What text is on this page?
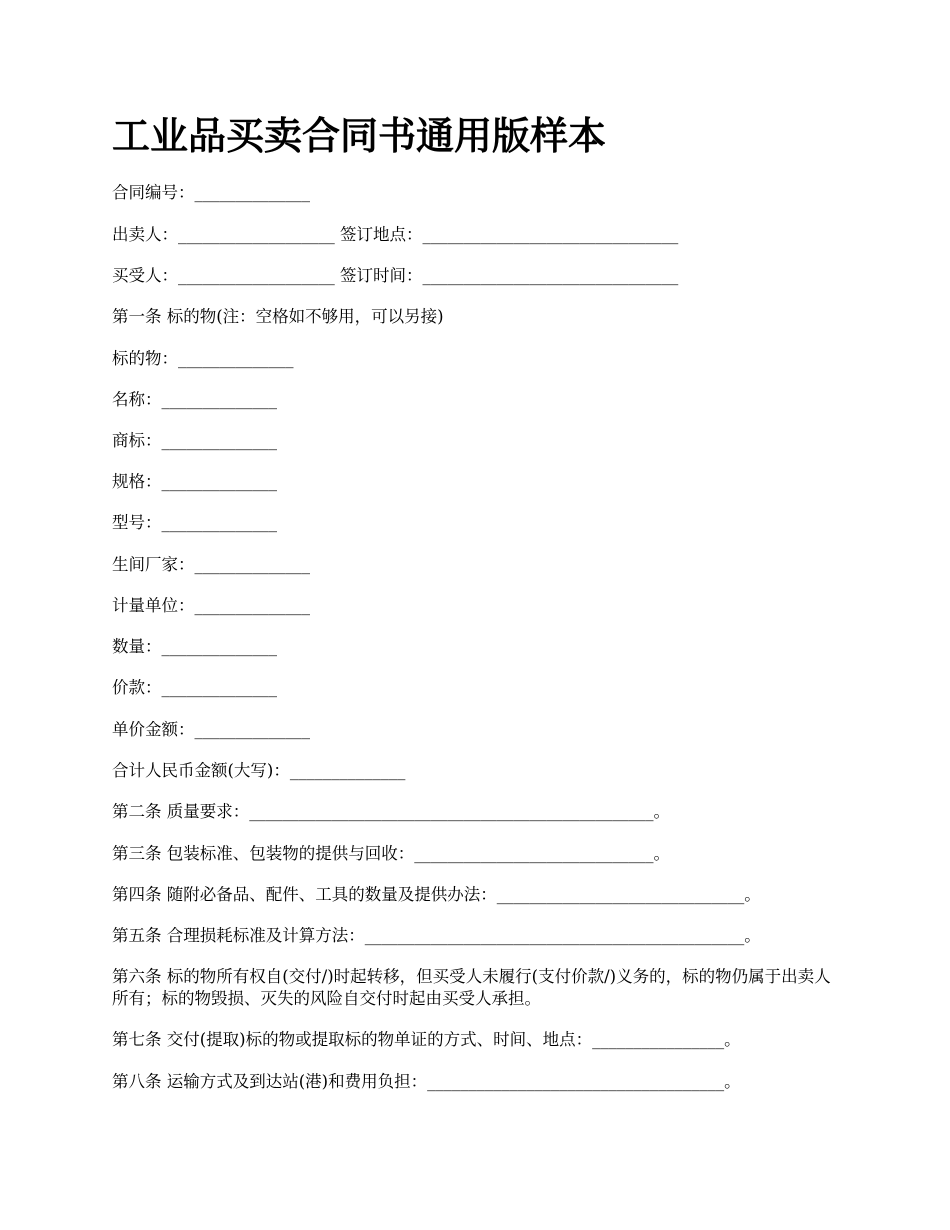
工业品买卖合同书通用版样本
合同编号：______________
出卖人：___________________ 签订地点：_______________________________
买受人：___________________ 签订时间：_______________________________
第一条 标的物(注：空格如不够用，可以另接)
标的物：______________
名称：______________
商标：______________
规格：______________
型号：______________
生间厂家：______________
计量单位：______________
数量：______________
价款：______________
单价金额：______________
合计人民币金额(大写)：______________
第二条 质量要求：_________________________________________________。
第三条 包装标准、包装物的提供与回收：_____________________________。
第四条 随附必备品、配件、工具的数量及提供办法：______________________________。
第五条 合理损耗标准及计算方法：______________________________________________。
第六条 标的物所有权自(交付/)时起转移，但买受人未履行(支付价款/)义务的，标的物仍属于出卖人所有；标的物毁损、灭失的风险自交付时起由买受人承担。
第七条 交付(提取)标的物或提取标的物单证的方式、时间、地点：________________。
第八条 运输方式及到达站(港)和费用负担：____________________________________。
